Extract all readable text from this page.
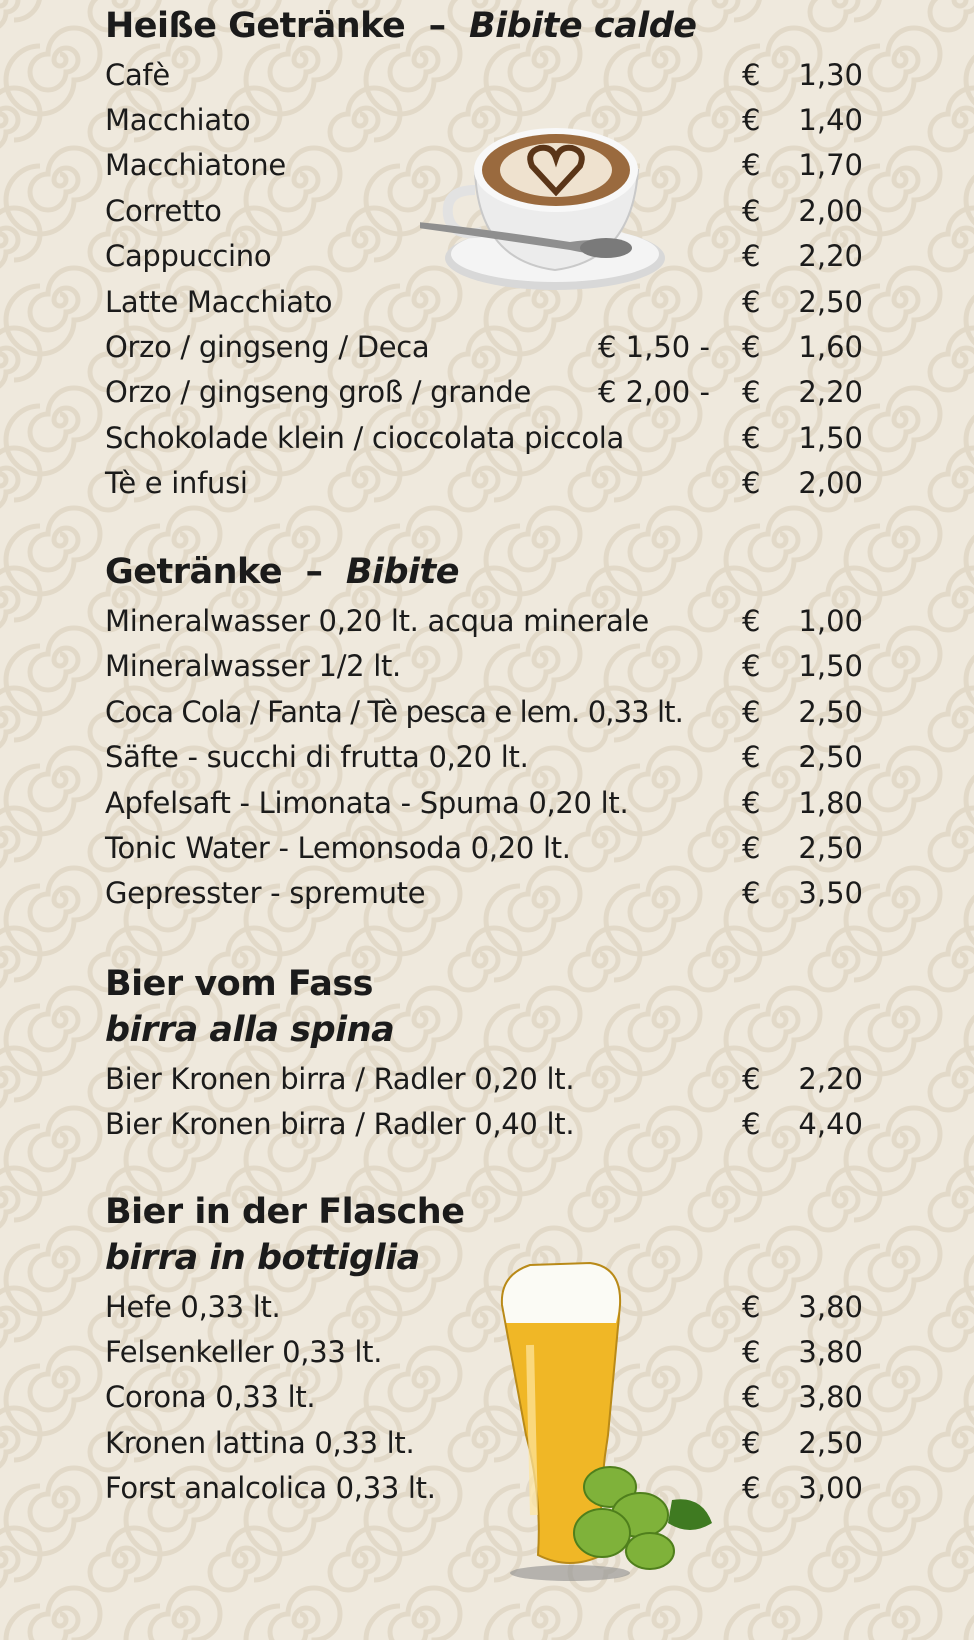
Heiße Getränke – Bibite calde
Cafè	€ 1,30
Macchiato	€ 1,40
Macchiatone	€ 1,70
Corretto	€ 2,00
Cappuccino	€ 2,20
Latte Macchiato	€ 2,50
Orzo / gingseng / Deca	€ 1,50 - € 1,60
Orzo / gingseng groß / grande € 2,00 - € 2,20
Schokolade klein / cioccolata piccola	€ 1,50
Tè e infusi	€ 2,00
Getränke – Bibite
Mineralwasser 0,20 lt. acqua minerale	€ 1,00
Mineralwasser 1/2 lt.	€ 1,50
Coca Cola / Fanta / Tè pesca e lem. 0,33 lt. € 2,50
Säfte - succhi di frutta 0,20 lt.	€ 2,50
Apfelsaft - Limonata - Spuma 0,20 lt.	€ 1,80
Tonic Water - Lemonsoda 0,20 lt.	€ 2,50
Gepresster - spremute	€ 3,50
Bier vom Fass
birra alla spina
Bier Kronen birra / Radler 0,20 lt.	€ 2,20
Bier Kronen birra / Radler 0,40 lt.	€ 4,40
Bier in der Flasche
birra in bottiglia
Hefe 0,33 lt.	€ 3,80
Felsenkeller 0,33 lt.	€ 3,80
Corona 0,33 lt.	€ 3,80
Kronen lattina 0,33 lt.	€ 2,50
Forst analcolica 0,33 lt.	€ 3,00
